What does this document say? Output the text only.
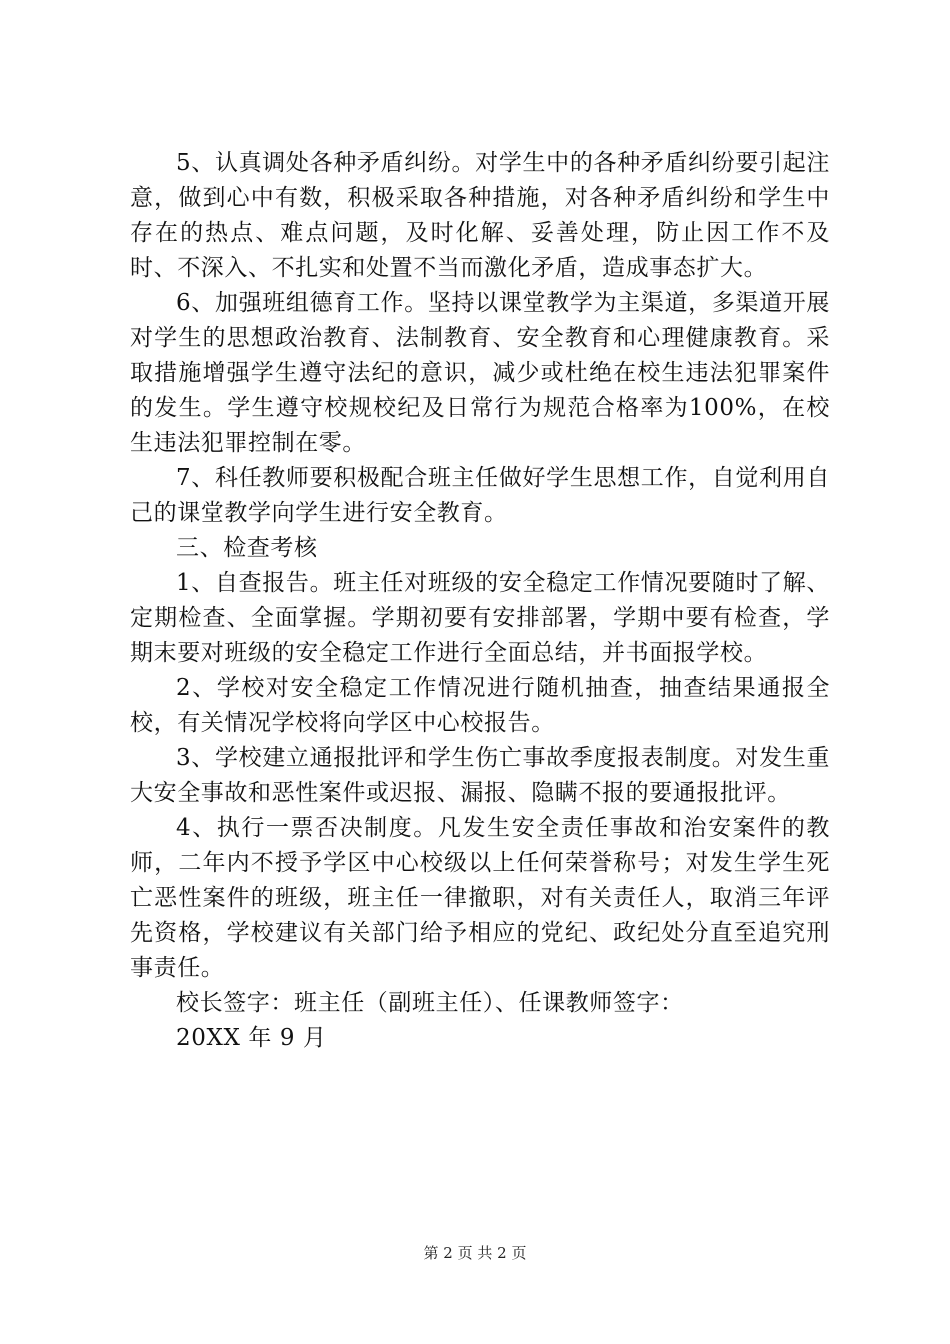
5、认真调处各种矛盾纠纷。对学生中的各种矛盾纠纷要引起注意，做到心中有数，积极采取各种措施，对各种矛盾纠纷和学生中存在的热点、难点问题，及时化解、妥善处理，防止因工作不及时、不深入、不扎实和处置不当而激化矛盾，造成事态扩大。

6、加强班组德育工作。坚持以课堂教学为主渠道，多渠道开展对学生的思想政治教育、法制教育、安全教育和心理健康教育。采取措施增强学生遵守法纪的意识，减少或杜绝在校生违法犯罪案件的发生。学生遵守校规校纪及日常行为规范合格率为100%，在校生违法犯罪控制在零。

7、科任教师要积极配合班主任做好学生思想工作，自觉利用自己的课堂教学向学生进行安全教育。

三、检查考核

1、自查报告。班主任对班级的安全稳定工作情况要随时了解、定期检查、全面掌握。学期初要有安排部署，学期中要有检查，学期末要对班级的安全稳定工作进行全面总结，并书面报学校。

2、学校对安全稳定工作情况进行随机抽查，抽查结果通报全校，有关情况学校将向学区中心校报告。

3、学校建立通报批评和学生伤亡事故季度报表制度。对发生重大安全事故和恶性案件或迟报、漏报、隐瞒不报的要通报批评。

4、执行一票否决制度。凡发生安全责任事故和治安案件的教师，二年内不授予学区中心校级以上任何荣誉称号；对发生学生死亡恶性案件的班级，班主任一律撤职，对有关责任人，取消三年评先资格，学校建议有关部门给予相应的党纪、政纪处分直至追究刑事责任。

校长签字：班主任（副班主任）、任课教师签字：

20XX 年 9 月

第 2 页 共 2 页
